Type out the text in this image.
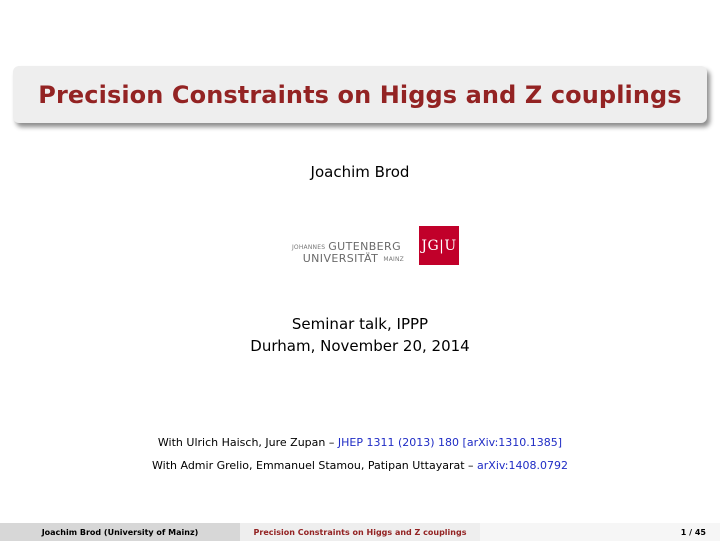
Precision Constraints on Higgs and Z couplings
Joachim Brod
JOHANNES GUTENBERG
UNIVERSITÄT MAINZ
JG|U
Seminar talk, IPPP
Durham, November 20, 2014
With Ulrich Haisch, Jure Zupan – JHEP 1311 (2013) 180 [arXiv:1310.1385]
With Admir Grelio, Emmanuel Stamou, Patipan Uttayarat – arXiv:1408.0792
Joachim Brod (University of Mainz)	Precision Constraints on Higgs and Z couplings	1 / 45
